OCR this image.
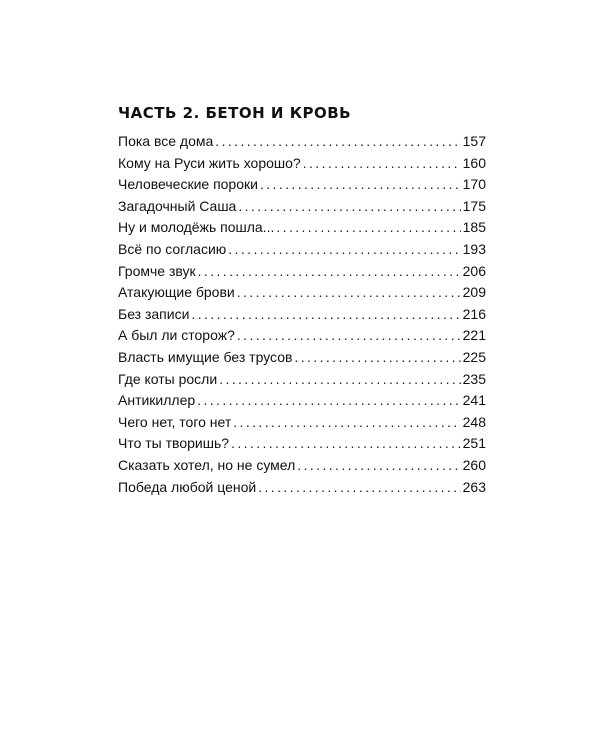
ЧАСТЬ 2. БЕТОН И КРОВЬ
Пока все дома .....	157
Кому на Руси жить хорошо? .....	160
Человеческие пороки .....	170
Загадочный Саша .....	175
Ну и молодёжь пошла... .....	185
Всё по согласию .....	193
Громче звук .....	206
Атакующие брови .....	209
Без записи .....	216
А был ли сторож? .....	221
Власть имущие без трусов .....	225
Где коты росли .....	235
Антикиллер .....	241
Чего нет, того нет .....	248
Что ты творишь? .....	251
Сказать хотел, но не сумел .....	260
Победа любой ценой .....	263
